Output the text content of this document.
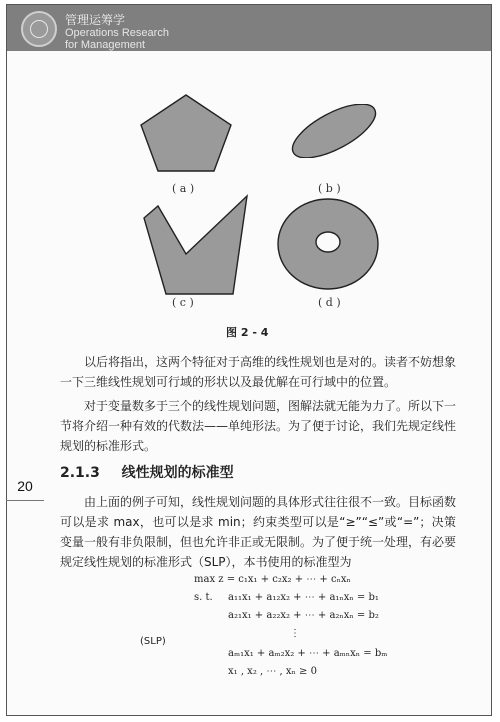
管理运筹学
Operations Research
for Management
( a )	( b )
( c )	( d )
图 2 - 4
以后将指出，这两个特征对于高维的线性规划也是对的。读者不妨想象一下三维线性规划可行域的形状以及最优解在可行域中的位置。
对于变量数多于三个的线性规划问题，图解法就无能为力了。所以下一节将介绍一种有效的代数法——单纯形法。为了便于讨论，我们先规定线性规划的标准形式。
2.1.3 线性规划的标准型
20
由上面的例子可知，线性规划问题的具体形式往往很不一致。目标函数可以是求 max，也可以是求 min；约束类型可以是“≥”“≤”或“=”；决策变量一般有非负限制，但也允许非正或无限制。为了便于统一处理，有必要规定线性规划的标准形式（SLP），本书使用的标准型为
max z = c₁x₁ + c₂x₂ + ⋯ + cₙxₙ
s. t. a₁₁x₁ + a₁₂x₂ + ⋯ + a₁ₙxₙ = b₁
a₂₁x₁ + a₂₂x₂ + ⋯ + a₂ₙxₙ = b₂
⋮
(SLP)
aₘ₁x₁ + aₘ₂x₂ + ⋯ + aₘₙxₙ = bₘ
x₁ , x₂ , ⋯ , xₙ ≥ 0
